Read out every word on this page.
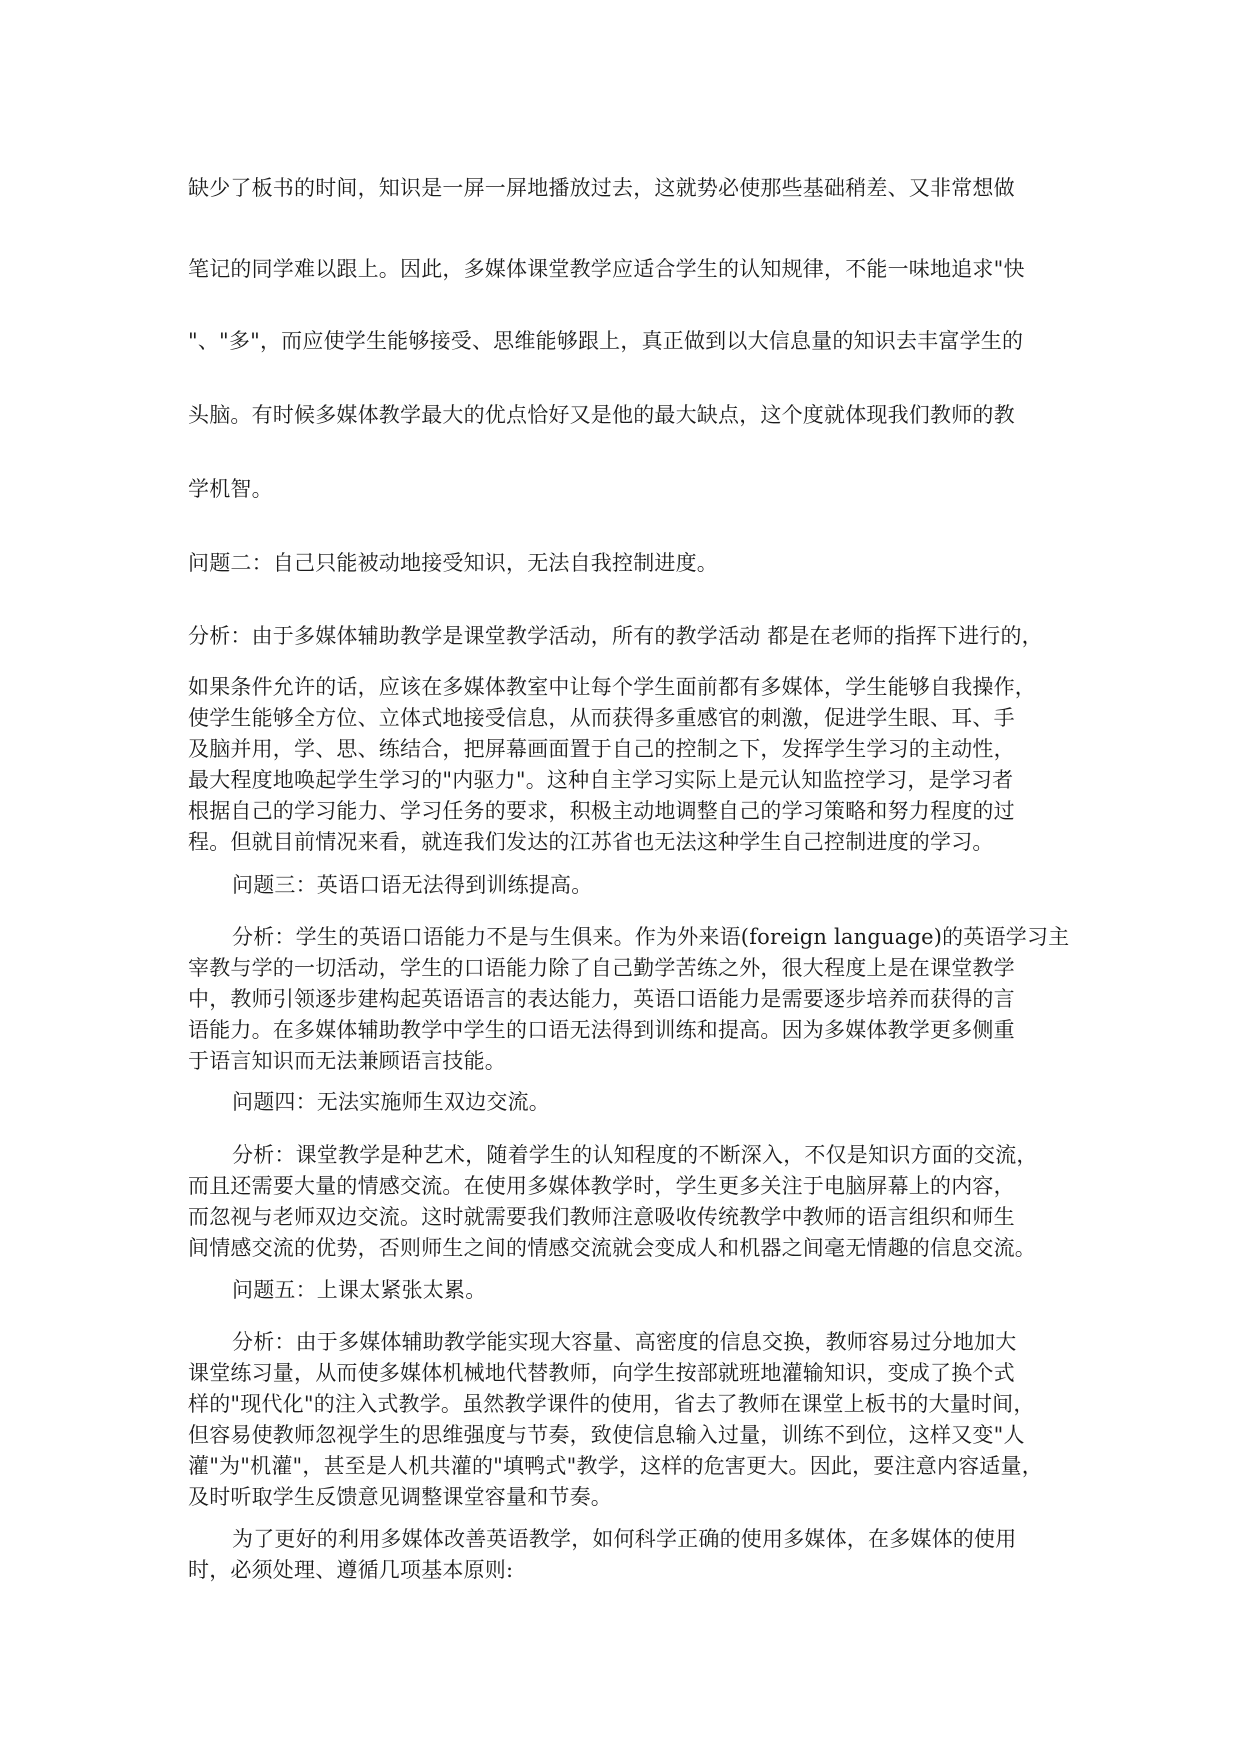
缺少了板书的时间，知识是一屏一屏地播放过去，这就势必使那些基础稍差、又非常想做
笔记的同学难以跟上。因此，多媒体课堂教学应适合学生的认知规律，不能一味地追求"快
"、"多"，而应使学生能够接受、思维能够跟上，真正做到以大信息量的知识去丰富学生的
头脑。有时候多媒体教学最大的优点恰好又是他的最大缺点，这个度就体现我们教师的教
学机智。
问题二：自己只能被动地接受知识，无法自我控制进度。
分析：由于多媒体辅助教学是课堂教学活动，所有的教学活动 都是在老师的指挥下进行的，
如果条件允许的话，应该在多媒体教室中让每个学生面前都有多媒体，学生能够自我操作，
使学生能够全方位、立体式地接受信息，从而获得多重感官的刺激，促进学生眼、耳、手
及脑并用，学、思、练结合，把屏幕画面置于自己的控制之下，发挥学生学习的主动性，
最大程度地唤起学生学习的"内驱力"。这种自主学习实际上是元认知监控学习，是学习者
根据自己的学习能力、学习任务的要求，积极主动地调整自己的学习策略和努力程度的过
程。但就目前情况来看，就连我们发达的江苏省也无法这种学生自己控制进度的学习。
问题三：英语口语无法得到训练提高。
分析：学生的英语口语能力不是与生俱来。作为外来语(foreign language)的英语学习主
宰教与学的一切活动，学生的口语能力除了自己勤学苦练之外，很大程度上是在课堂教学
中，教师引领逐步建构起英语语言的表达能力，英语口语能力是需要逐步培养而获得的言
语能力。在多媒体辅助教学中学生的口语无法得到训练和提高。因为多媒体教学更多侧重
于语言知识而无法兼顾语言技能。
问题四：无法实施师生双边交流。
分析：课堂教学是种艺术，随着学生的认知程度的不断深入，不仅是知识方面的交流，
而且还需要大量的情感交流。在使用多媒体教学时，学生更多关注于电脑屏幕上的内容，
而忽视与老师双边交流。这时就需要我们教师注意吸收传统教学中教师的语言组织和师生
间情感交流的优势，否则师生之间的情感交流就会变成人和机器之间毫无情趣的信息交流。
问题五：上课太紧张太累。
分析：由于多媒体辅助教学能实现大容量、高密度的信息交换，教师容易过分地加大
课堂练习量，从而使多媒体机械地代替教师，向学生按部就班地灌输知识，变成了换个式
样的"现代化"的注入式教学。虽然教学课件的使用，省去了教师在课堂上板书的大量时间，
但容易使教师忽视学生的思维强度与节奏，致使信息输入过量，训练不到位，这样又变"人
灌"为"机灌"，甚至是人机共灌的"填鸭式"教学，这样的危害更大。因此，要注意内容适量，
及时听取学生反馈意见调整课堂容量和节奏。
为了更好的利用多媒体改善英语教学，如何科学正确的使用多媒体，在多媒体的使用
时，必须处理、遵循几项基本原则:
